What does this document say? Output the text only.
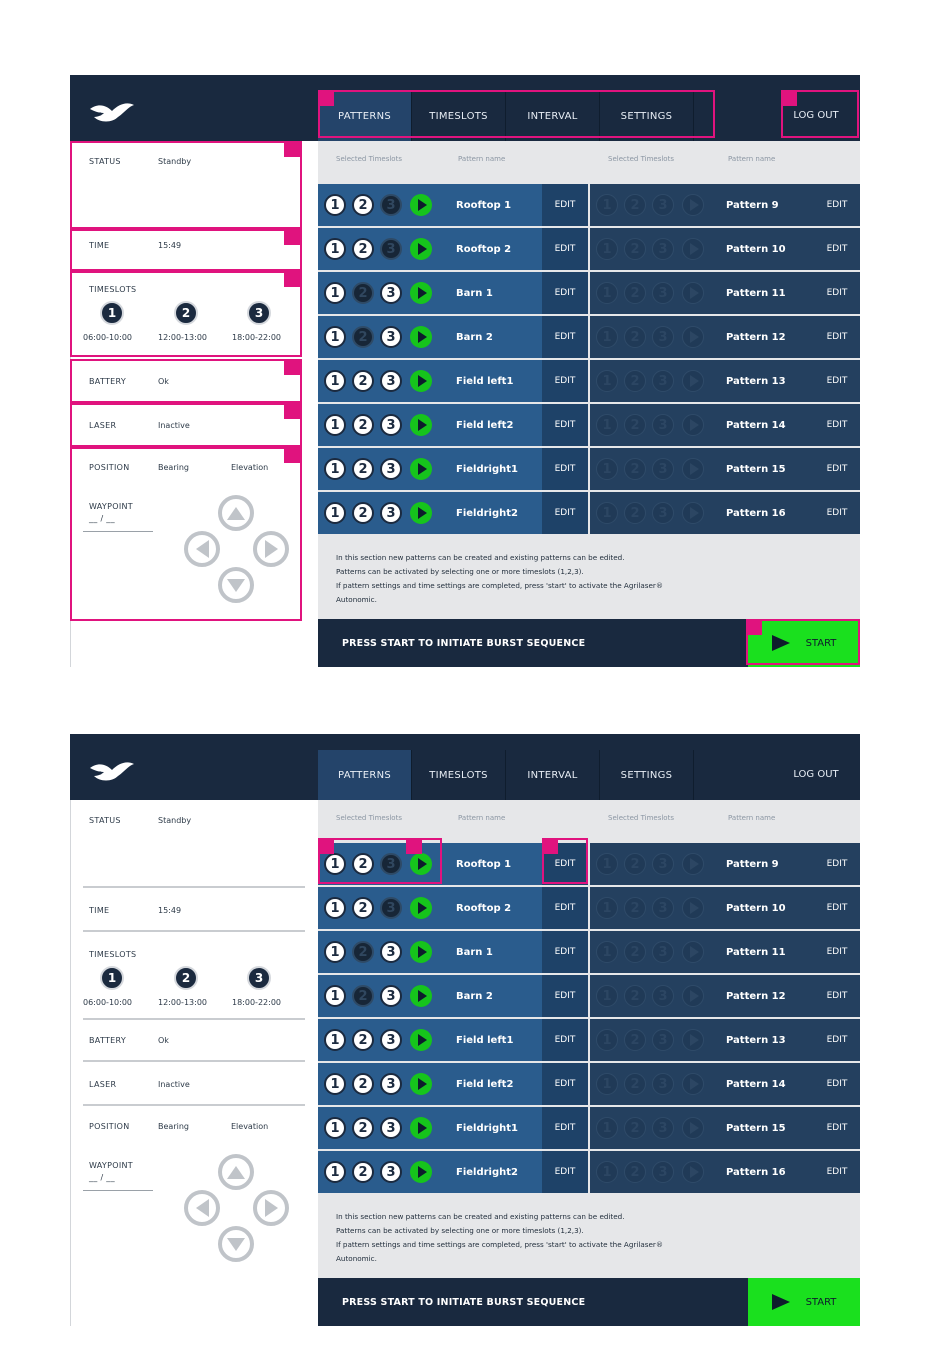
PATTERNS	TIMESLOTS	INTERVAL	SETTINGS	LOG OUT
STATUS	Standby
TIME	15:49
TIMESLOTS
1	2	3
06:00-10:00	12:00-13:00	18:00-22:00
BATTERY	Ok
LASER	Inactive
POSITION	Bearing	Elevation
WAYPOINT
__ / __
Selected Timeslots	Pattern name	Selected Timeslots	Pattern name
1	2	3	Rooftop 1	EDIT	1	2	3	Pattern 9	EDIT
1	2	3	Rooftop 2	EDIT	1	2	3	Pattern 10	EDIT
1	2	3	Barn 1	EDIT	1	2	3	Pattern 11	EDIT
1	2	3	Barn 2	EDIT	1	2	3	Pattern 12	EDIT
1	2	3	Field left1	EDIT	1	2	3	Pattern 13	EDIT
1	2	3	Field left2	EDIT	1	2	3	Pattern 14	EDIT
1	2	3	Fieldright1	EDIT	1	2	3	Pattern 15	EDIT
1	2	3	Fieldright2	EDIT	1	2	3	Pattern 16	EDIT
In this section new patterns can be created and existing patterns can be edited.
Patterns can be activated by selecting one or more timeslots (1,2,3).
If pattern settings and time settings are completed, press 'start' to activate the Agrilaser®
Autonomic.
PRESS START TO INITIATE BURST SEQUENCE	START
PATTERNS	TIMESLOTS	INTERVAL	SETTINGS	LOG OUT
STATUS	Standby
TIME	15:49
TIMESLOTS
1	2	3
06:00-10:00	12:00-13:00	18:00-22:00
BATTERY	Ok
LASER	Inactive
POSITION	Bearing	Elevation
WAYPOINT
__ / __
Selected Timeslots	Pattern name	Selected Timeslots	Pattern name
1	2	3	Rooftop 1	EDIT	1	2	3	Pattern 9	EDIT
1	2	3	Rooftop 2	EDIT	1	2	3	Pattern 10	EDIT
1	2	3	Barn 1	EDIT	1	2	3	Pattern 11	EDIT
1	2	3	Barn 2	EDIT	1	2	3	Pattern 12	EDIT
1	2	3	Field left1	EDIT	1	2	3	Pattern 13	EDIT
1	2	3	Field left2	EDIT	1	2	3	Pattern 14	EDIT
1	2	3	Fieldright1	EDIT	1	2	3	Pattern 15	EDIT
1	2	3	Fieldright2	EDIT	1	2	3	Pattern 16	EDIT
In this section new patterns can be created and existing patterns can be edited.
Patterns can be activated by selecting one or more timeslots (1,2,3).
If pattern settings and time settings are completed, press 'start' to activate the Agrilaser®
Autonomic.
PRESS START TO INITIATE BURST SEQUENCE	START
